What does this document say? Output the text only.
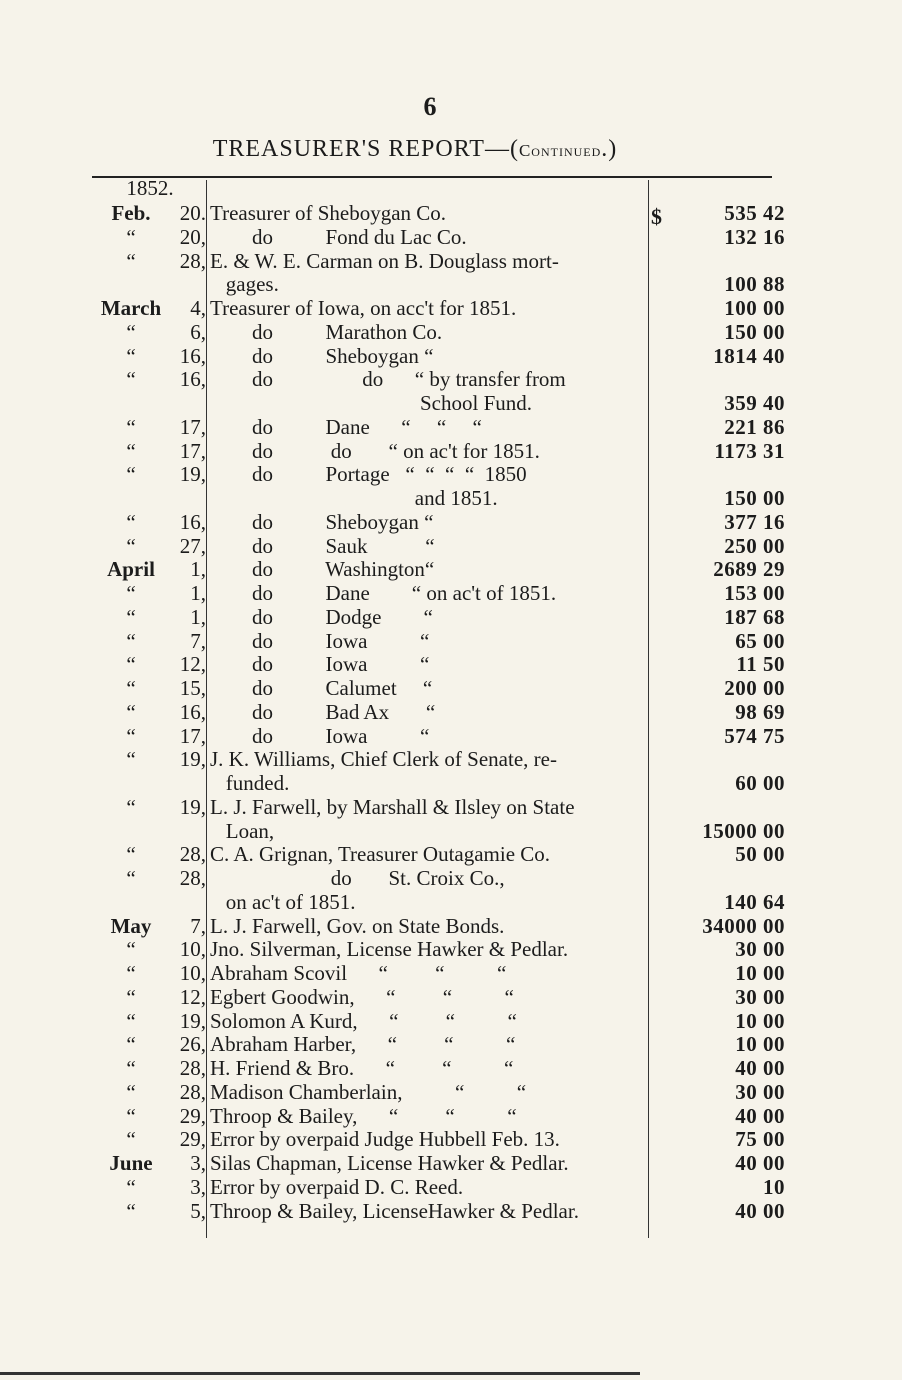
6
TREASURER'S REPORT—(Continued.)
1852.
$
Feb.	20. Treasurer of Sheboygan Co.	535 42
“	20, do          Fond du Lac Co.	132 16
“	28, E. & W. E. Carman on B. Douglass mort-
gages.	100 88
March 4, Treasurer of Iowa, on acc't for 1851.	100 00
“	6, do          Marathon Co.	150 00
“	16, do          Sheboygan “	1814 40
“	16, do                 do      “ by transfer from
School Fund.	359 40
“	17, do          Dane      “     “     “	221 86
“	17, do           do       “ on ac't for 1851.	1173 31
“	19, do          Portage   “  “  “  “  1850
and 1851.	150 00
“	16, do          Sheboygan “	377 16
“	27, do          Sauk           “	250 00
April	1, do          Washington“	2689 29
“	1, do          Dane        “ on ac't of 1851.	153 00
“	1, do          Dodge        “	187 68
“	7, do          Iowa          “	65 00
“	12, do          Iowa          “	11 50
“	15, do          Calumet     “	200 00
“	16, do          Bad Ax       “	98 69
“	17, do          Iowa          “	574 75
“	19, J. K. Williams, Chief Clerk of Senate, re-
funded.	60 00
“	19, L. J. Farwell, by Marshall & Ilsley on State
Loan,	15000 00
“	28, C. A. Grignan, Treasurer Outagamie Co.	50 00
“	28, do       St. Croix Co.,
on ac't of 1851.	140 64
May	7, L. J. Farwell, Gov. on State Bonds.	34000 00
“	10, Jno. Silverman, License Hawker & Pedlar.	30 00
“	10, Abraham Scovil      “         “          “	10 00
“	12, Egbert Goodwin,      “         “          “	30 00
“	19, Solomon A Kurd,      “         “          “	10 00
“	26, Abraham Harber,      “         “          “	10 00
“	28, H. Friend & Bro.      “         “          “	40 00
“	28, Madison Chamberlain,          “          “	30 00
“	29, Throop & Bailey,      “         “          “	40 00
“	29, Error by overpaid Judge Hubbell Feb. 13.	75 00
June	3, Silas Chapman, License Hawker & Pedlar.	40 00
“	3, Error by overpaid D. C. Reed.	10
“	5, Throop & Bailey, LicenseHawker & Pedlar.	40 00
